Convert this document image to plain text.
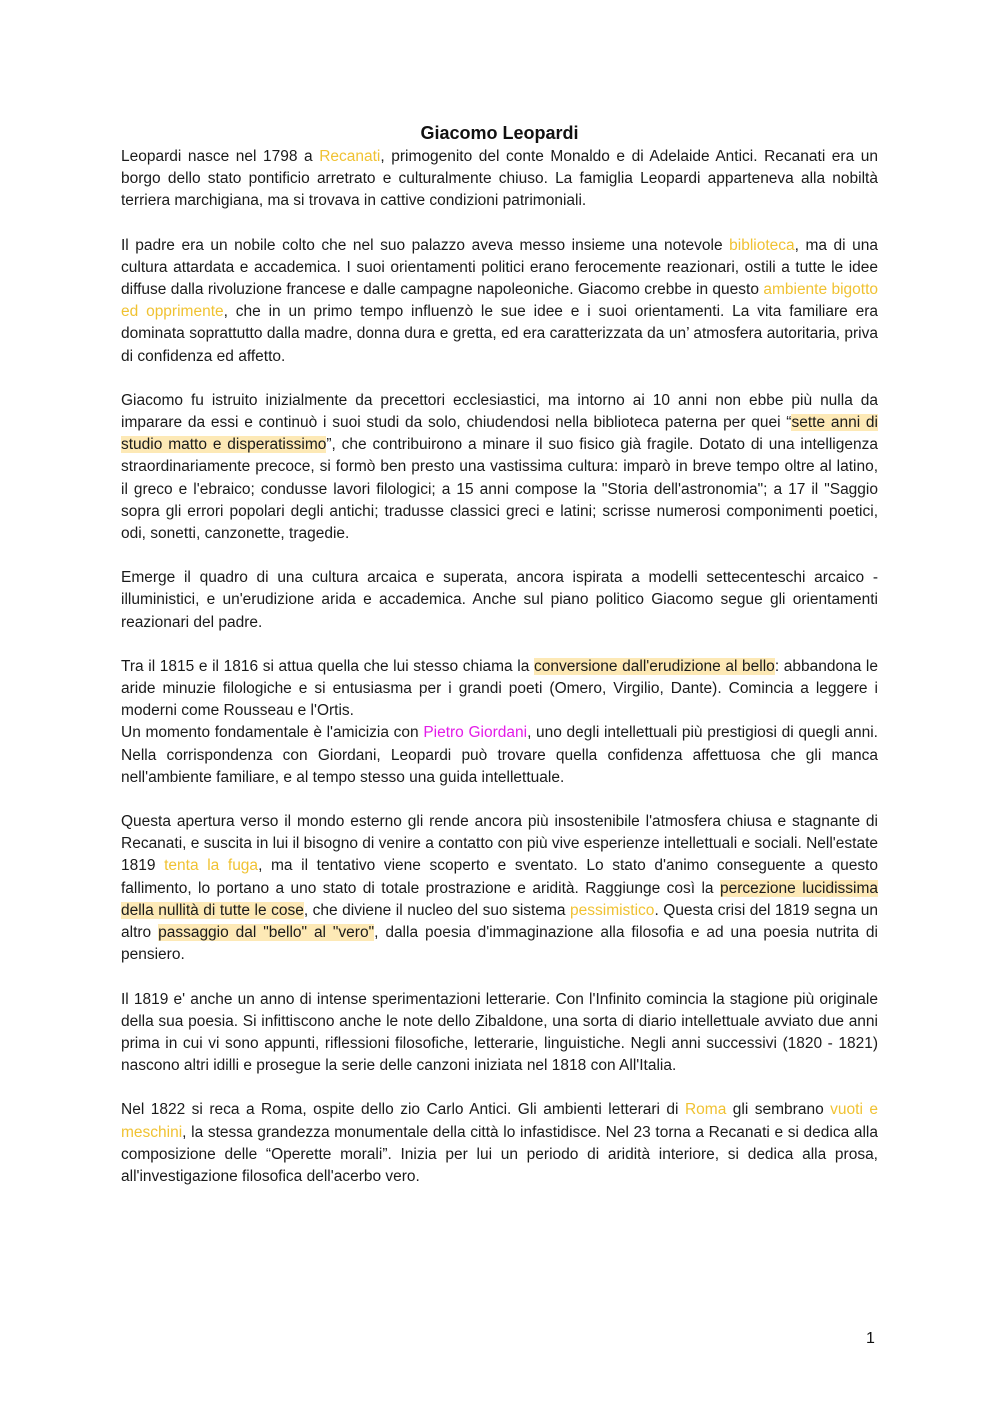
Giacomo Leopardi

Leopardi nasce nel 1798 a Recanati, primogenito del conte Monaldo e di Adelaide Antici. Recanati era un borgo dello stato pontificio arretrato e culturalmente chiuso. La famiglia Leopardi apparteneva alla nobiltà terriera marchigiana, ma si trovava in cattive condizioni patrimoniali.

Il padre era un nobile colto che nel suo palazzo aveva messo insieme una notevole biblioteca, ma di una cultura attardata e accademica. I suoi orientamenti politici erano ferocemente reazionari, ostili a tutte le idee diffuse dalla rivoluzione francese e dalle campagne napoleoniche. Giacomo crebbe in questo ambiente bigotto ed opprimente, che in un primo tempo influenzò le sue idee e i suoi orientamenti. La vita familiare era dominata soprattutto dalla madre, donna dura e gretta, ed era caratterizzata da un’ atmosfera autoritaria, priva di confidenza ed affetto.

Giacomo fu istruito inizialmente da precettori ecclesiastici, ma intorno ai 10 anni non ebbe più nulla da imparare da essi e continuò i suoi studi da solo, chiudendosi nella biblioteca paterna per quei “sette anni di studio matto e disperatissimo”, che contribuirono a minare il suo fisico già fragile. Dotato di una intelligenza straordinariamente precoce, si formò ben presto una vastissima cultura: imparò in breve tempo oltre al latino, il greco e l'ebraico; condusse lavori filologici; a 15 anni compose la "Storia dell'astronomia"; a 17 il "Saggio sopra gli errori popolari degli antichi; tradusse classici greci e latini; scrisse numerosi componimenti poetici, odi, sonetti, canzonette, tragedie.

Emerge il quadro di una cultura arcaica e superata, ancora ispirata a modelli settecenteschi arcaico - illuministici, e un'erudizione arida e accademica. Anche sul piano politico Giacomo segue gli orientamenti reazionari del padre.

Tra il 1815 e il 1816 si attua quella che lui stesso chiama la conversione dall'erudizione al bello: abbandona le aride minuzie filologiche e si entusiasma per i grandi poeti (Omero, Virgilio, Dante). Comincia a leggere i moderni come Rousseau e l'Ortis.

Un momento fondamentale è l'amicizia con Pietro Giordani, uno degli intellettuali più prestigiosi di quegli anni. Nella corrispondenza con Giordani, Leopardi può trovare quella confidenza affettuosa che gli manca nell'ambiente familiare, e al tempo stesso una guida intellettuale.

Questa apertura verso il mondo esterno gli rende ancora più insostenibile l'atmosfera chiusa e stagnante di Recanati, e suscita in lui il bisogno di venire a contatto con più vive esperienze intellettuali e sociali. Nell'estate 1819 tenta la fuga, ma il tentativo viene scoperto e sventato. Lo stato d'animo conseguente a questo fallimento, lo portano a uno stato di totale prostrazione e aridità. Raggiunge così la percezione lucidissima della nullità di tutte le cose, che diviene il nucleo del suo sistema pessimistico. Questa crisi del 1819 segna un altro passaggio dal "bello" al "vero", dalla poesia d'immaginazione alla filosofia e ad una poesia nutrita di pensiero.

Il 1819 e' anche un anno di intense sperimentazioni letterarie. Con l'Infinito comincia la stagione più originale della sua poesia. Si infittiscono anche le note dello Zibaldone, una sorta di diario intellettuale avviato due anni prima in cui vi sono appunti, riflessioni filosofiche, letterarie, linguistiche. Negli anni successivi (1820 - 1821) nascono altri idilli e prosegue la serie delle canzoni iniziata nel 1818 con All'Italia.

Nel 1822 si reca a Roma, ospite dello zio Carlo Antici. Gli ambienti letterari di Roma gli sembrano vuoti e meschini, la stessa grandezza monumentale della città lo infastidisce. Nel 23 torna a Recanati e si dedica alla composizione delle “Operette morali”. Inizia per lui un periodo di aridità interiore, si dedica alla prosa, all'investigazione filosofica dell'acerbo vero.

1
